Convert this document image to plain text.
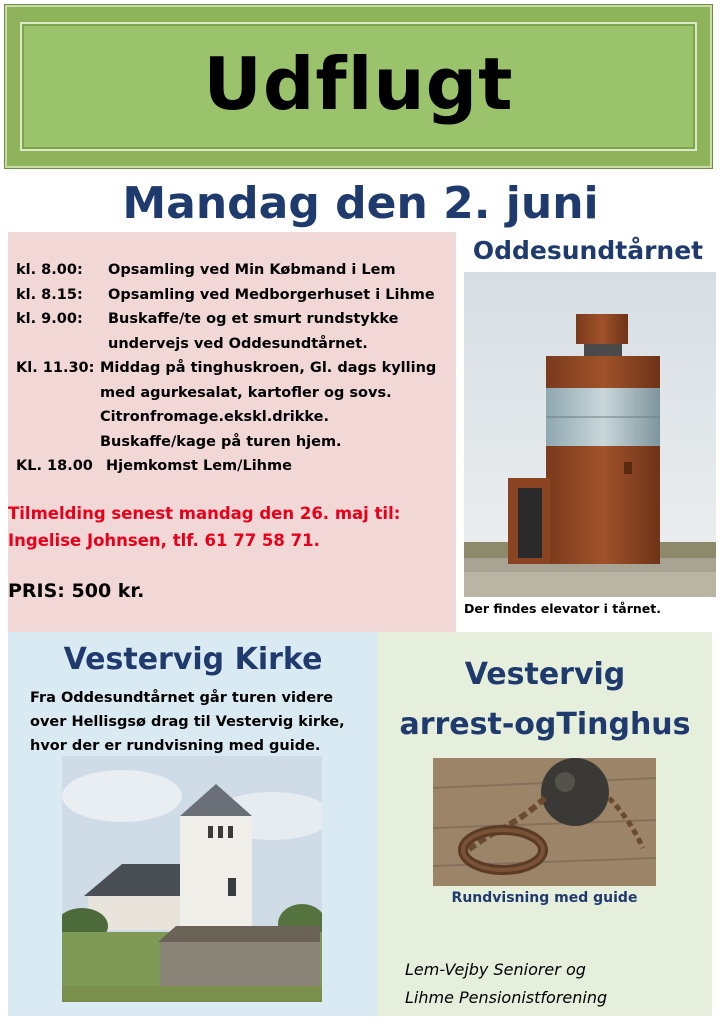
Udflugt
Mandag den 2. juni
kl. 8.00:	Opsamling ved Min Købmand i Lem
kl. 8.15:	Opsamling ved Medborgerhuset i Lihme
kl. 9.00:	Buskaffe/te og et smurt rundstykke
undervejs ved Oddesundtårnet.
Kl. 11.30: Middag på tinghuskroen, Gl. dags kylling
med agurkesalat, kartofler og sovs.
Citronfromage.ekskl.drikke.
Buskaffe/kage på turen hjem.
KL. 18.00 Hjemkomst Lem/Lihme
Tilmelding senest mandag den 26. maj til:
Ingelise Johnsen, tlf. 61 77 58 71.
PRIS: 500 kr.
Oddesundtårnet
Der findes elevator i tårnet.
Vestervig Kirke
Fra Oddesundtårnet går turen videre
over Hellisgsø drag til Vestervig kirke,
hvor der er rundvisning med guide.
Vestervig
arrest-ogTinghus
Rundvisning med guide
Lem-Vejby Seniorer og
Lihme Pensionistforening
